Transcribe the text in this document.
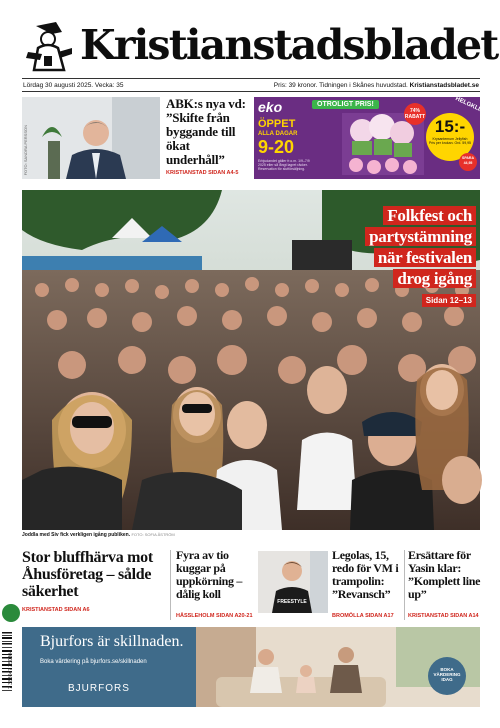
Kristianstadsbladet
Lördag 30 augusti 2025. Vecka: 35	Pris: 39 kronor. Tidningen i Skånes huvudstad. Kristianstadsbladet.se
FOTO: SANDRA PERSSON
ABK:s nya vd: ”Skifte från byggande till ökat underhåll”
KRISTIANSTAD SIDAN A4-5
eko
ÖPPET
ALLA DAGAR
9-20
Erbjudandet gäller fr.o.m. 1/9–7/9 2025 eller så långt lagret räcker. Reservation för slutförsäljning.
OTROLIGT PRIS!
74% RABATT 15:-
Krysantemum Jellyfish
Pris per krukan. Ord. 59,95
SPARA 44,95
HELGKLIPP
Folkfest och
partystämning
när festivalen
drog igång
Sidan 12–13
Joddla med Siv fick verkligen igång publiken. FOTO: SOFIA ÅSTRÖM
Stor bluffhärva mot Åhusföretag – sålde säkerhet
KRISTIANSTAD SIDAN A6
Fyra av tio kuggar på uppkörning – dålig koll
HÄSSLEHOLM SIDAN A20-21
FREESTYLE
Legolas, 15, redo för VM i trampolin: ”Revansch”
BROMÖLLA SIDAN A17
Ersättare för Yasin klar: ”Komplett line up”
KRISTIANSTAD SIDAN A14
7 388047 350804
Bjurfors är skillnaden.
Boka värdering på bjurfors.se/skillnaden
BJURFORS
BOKA VÄRDERING IDAG
